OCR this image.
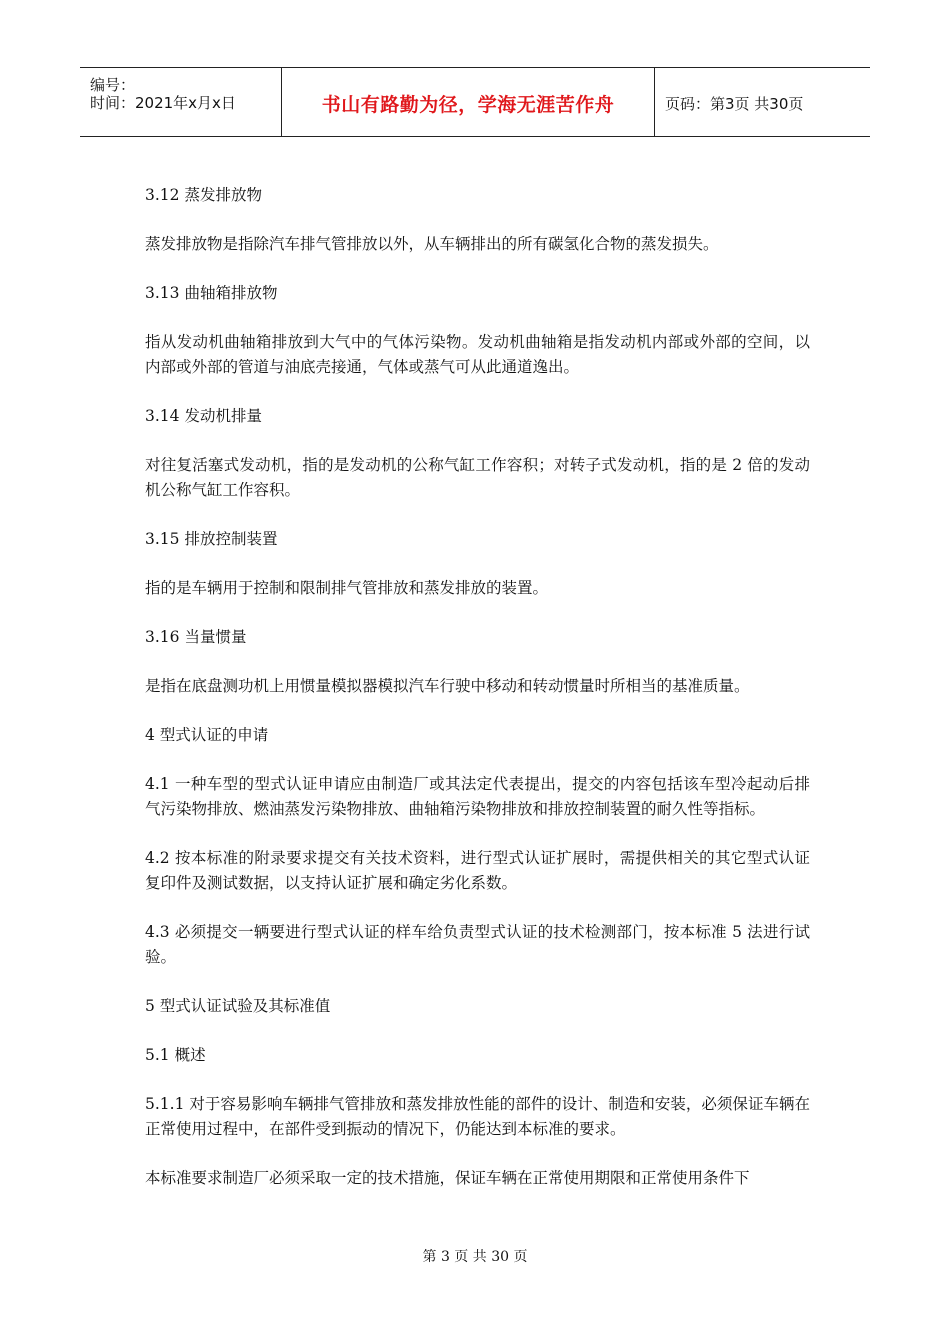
编号：
时间：2021年x月x日	书山有路勤为径，学海无涯苦作舟	页码：第3页 共30页

3.12 蒸发排放物

蒸发排放物是指除汽车排气管排放以外，从车辆排出的所有碳氢化合物的蒸发损失。

3.13 曲轴箱排放物

指从发动机曲轴箱排放到大气中的气体污染物。发动机曲轴箱是指发动机内部或外部的空间，以内部或外部的管道与油底壳接通，气体或蒸气可从此通道逸出。

3.14 发动机排量

对往复活塞式发动机，指的是发动机的公称气缸工作容积；对转子式发动机，指的是 2 倍的发动机公称气缸工作容积。

3.15 排放控制装置

指的是车辆用于控制和限制排气管排放和蒸发排放的装置。

3.16 当量惯量

是指在底盘测功机上用惯量模拟器模拟汽车行驶中移动和转动惯量时所相当的基准质量。

4 型式认证的申请

4.1 一种车型的型式认证申请应由制造厂或其法定代表提出，提交的内容包括该车型冷起动后排气污染物排放、燃油蒸发污染物排放、曲轴箱污染物排放和排放控制装置的耐久性等指标。

4.2 按本标准的附录要求提交有关技术资料，进行型式认证扩展时，需提供相关的其它型式认证复印件及测试数据，以支持认证扩展和确定劣化系数。

4.3 必须提交一辆要进行型式认证的样车给负责型式认证的技术检测部门，按本标准 5 法进行试验。

5 型式认证试验及其标准值

5.1 概述

5.1.1 对于容易影响车辆排气管排放和蒸发排放性能的部件的设计、制造和安装，必须保证车辆在正常使用过程中，在部件受到振动的情况下，仍能达到本标准的要求。

本标准要求制造厂必须采取一定的技术措施，保证车辆在正常使用期限和正常使用条件下

第 3 页 共 30 页
